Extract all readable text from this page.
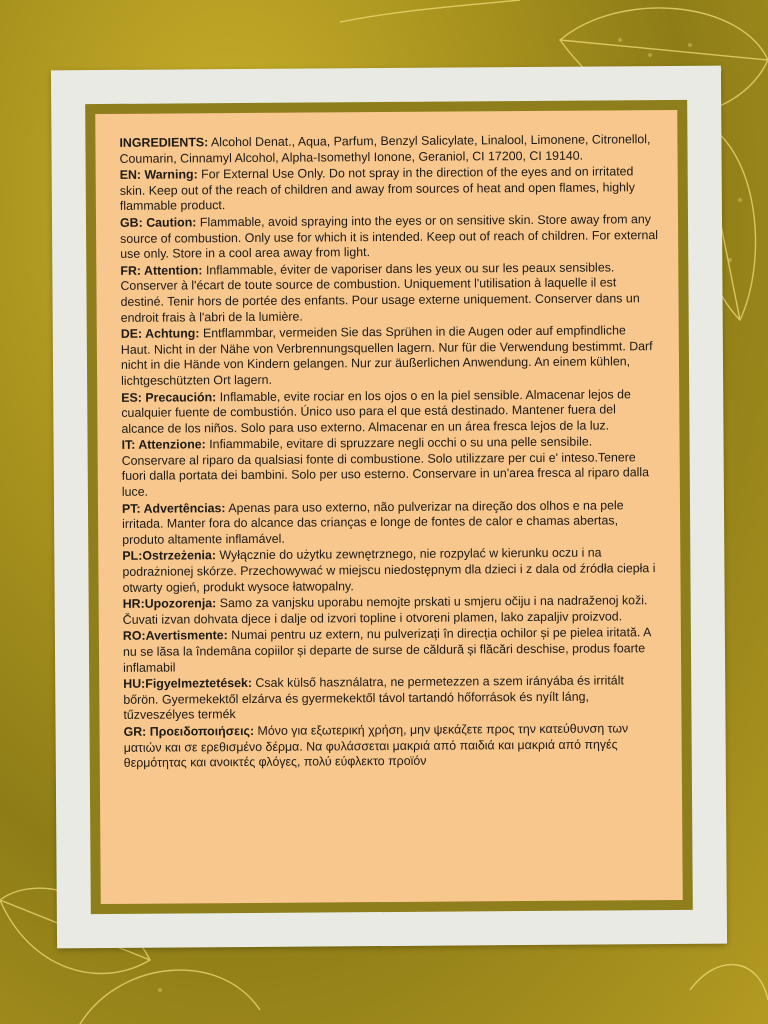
INGREDIENTS: Alcohol Denat., Aqua, Parfum, Benzyl Salicylate, Linalool, Limonene, Citronellol, Coumarin, Cinnamyl Alcohol, Alpha-Isomethyl Ionone, Geraniol, CI 17200, CI 19140.

EN: Warning: For External Use Only. Do not spray in the direction of the eyes and on irritated skin. Keep out of the reach of children and away from sources of heat and open flames, highly flammable product.

GB: Caution: Flammable, avoid spraying into the eyes or on sensitive skin. Store away from any source of combustion. Only use for which it is intended. Keep out of reach of children. For external use only. Store in a cool area away from light.

FR: Attention: Inflammable, éviter de vaporiser dans les yeux ou sur les peaux sensibles. Conserver à l'écart de toute source de combustion. Uniquement l'utilisation à laquelle il est destiné. Tenir hors de portée des enfants. Pour usage externe uniquement. Conserver dans un endroit frais à l'abri de la lumière.

DE: Achtung: Entflammbar, vermeiden Sie das Sprühen in die Augen oder auf empfindliche Haut. Nicht in der Nähe von Verbrennungsquellen lagern. Nur für die Verwendung bestimmt. Darf nicht in die Hände von Kindern gelangen. Nur zur äußerlichen Anwendung. An einem kühlen, lichtgeschützten Ort lagern.

ES: Precaución: Inflamable, evite rociar en los ojos o en la piel sensible. Almacenar lejos de cualquier fuente de combustión. Único uso para el que está destinado. Mantener fuera del alcance de los niños. Solo para uso externo. Almacenar en un área fresca lejos de la luz.

IT: Attenzione: Infiammabile, evitare di spruzzare negli occhi o su una pelle sensibile. Conservare al riparo da qualsiasi fonte di combustione. Solo utilizzare per cui e' inteso.Tenere fuori dalla portata dei bambini. Solo per uso esterno. Conservare in un'area fresca al riparo dalla luce.

PT: Advertências: Apenas para uso externo, não pulverizar na direção dos olhos e na pele irritada. Manter fora do alcance das crianças e longe de fontes de calor e chamas abertas, produto altamente inflamável.

PL:Ostrzeżenia: Wyłącznie do użytku zewnętrznego, nie rozpylać w kierunku oczu i na podrażnionej skórze. Przechowywać w miejscu niedostępnym dla dzieci i z dala od źródła ciepła i otwarty ogień, produkt wysoce łatwopalny.

HR:Upozorenja: Samo za vanjsku uporabu nemojte prskati u smjeru očiju i na nadraženoj koži. Čuvati izvan dohvata djece i dalje od izvori topline i otvoreni plamen, lako zapaljiv proizvod.

RO:Avertismente: Numai pentru uz extern, nu pulverizați în direcția ochilor și pe pielea iritată. A nu se lăsa la îndemâna copiilor și departe de surse de căldură și flăcări deschise, produs foarte inflamabil

HU:Figyelmeztetések: Csak külső használatra, ne permetezzen a szem irányába és irritált bőrön. Gyermekektől elzárva és gyermekektől távol tartandó hőforrások és nyílt láng, tűzveszélyes termék

GR: Προειδοποιήσεις: Μόνο για εξωτερική χρήση, μην ψεκάζετε προς την κατεύθυνση των ματιών και σε ερεθισμένο δέρμα. Να φυλάσσεται μακριά από παιδιά και μακριά από πηγές θερμότητας και ανοικτές φλόγες, πολύ εύφλεκτο προϊόν
